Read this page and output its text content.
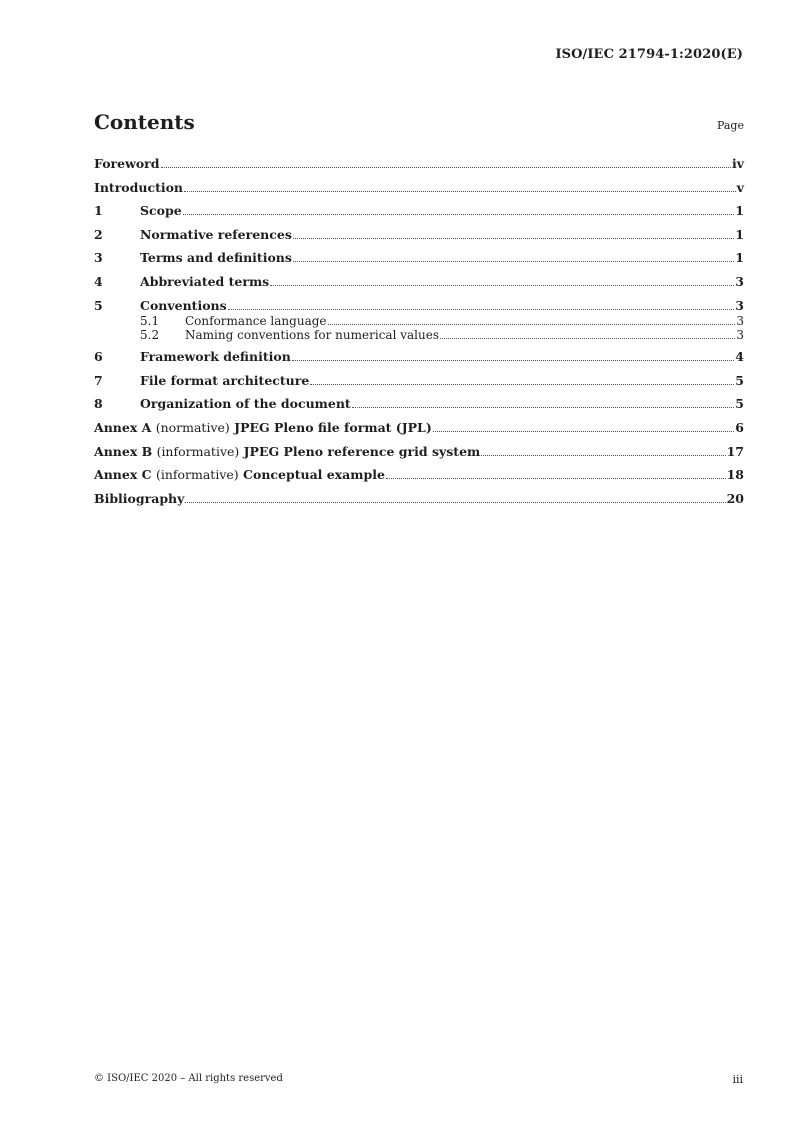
ISO/IEC 21794-1:2020(E)
Contents	Page
Foreword	iv
Introduction	v
1	Scope	1
2	Normative references	1
3	Terms and definitions	1
4	Abbreviated terms	3
5	Conventions	3
5.1	Conformance language	3
5.2	Naming conventions for numerical values	3
6	Framework definition	4
7	File format architecture	5
8	Organization of the document	5
Annex A (normative) JPEG Pleno file format (JPL)	6
Annex B (informative) JPEG Pleno reference grid system	17
Annex C (informative) Conceptual example	18
Bibliography	20
© ISO/IEC 2020 – All rights reserved	iii
